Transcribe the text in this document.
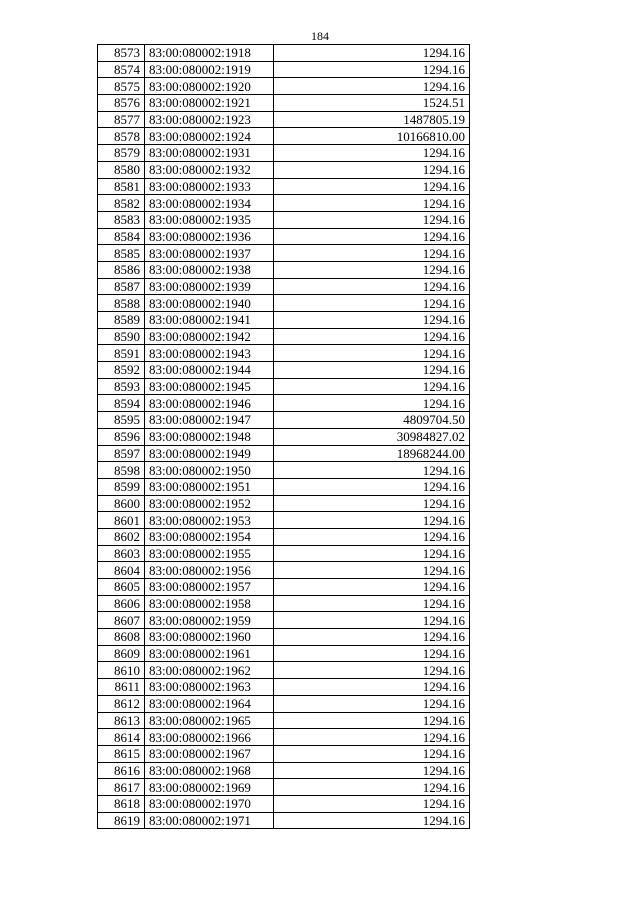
184
8573	83:00:080002:1918	1294.16
8574	83:00:080002:1919	1294.16
8575	83:00:080002:1920	1294.16
8576	83:00:080002:1921	1524.51
8577	83:00:080002:1923	1487805.19
8578	83:00:080002:1924	10166810.00
8579	83:00:080002:1931	1294.16
8580	83:00:080002:1932	1294.16
8581	83:00:080002:1933	1294.16
8582	83:00:080002:1934	1294.16
8583	83:00:080002:1935	1294.16
8584	83:00:080002:1936	1294.16
8585	83:00:080002:1937	1294.16
8586	83:00:080002:1938	1294.16
8587	83:00:080002:1939	1294.16
8588	83:00:080002:1940	1294.16
8589	83:00:080002:1941	1294.16
8590	83:00:080002:1942	1294.16
8591	83:00:080002:1943	1294.16
8592	83:00:080002:1944	1294.16
8593	83:00:080002:1945	1294.16
8594	83:00:080002:1946	1294.16
8595	83:00:080002:1947	4809704.50
8596	83:00:080002:1948	30984827.02
8597	83:00:080002:1949	18968244.00
8598	83:00:080002:1950	1294.16
8599	83:00:080002:1951	1294.16
8600	83:00:080002:1952	1294.16
8601	83:00:080002:1953	1294.16
8602	83:00:080002:1954	1294.16
8603	83:00:080002:1955	1294.16
8604	83:00:080002:1956	1294.16
8605	83:00:080002:1957	1294.16
8606	83:00:080002:1958	1294.16
8607	83:00:080002:1959	1294.16
8608	83:00:080002:1960	1294.16
8609	83:00:080002:1961	1294.16
8610	83:00:080002:1962	1294.16
8611	83:00:080002:1963	1294.16
8612	83:00:080002:1964	1294.16
8613	83:00:080002:1965	1294.16
8614	83:00:080002:1966	1294.16
8615	83:00:080002:1967	1294.16
8616	83:00:080002:1968	1294.16
8617	83:00:080002:1969	1294.16
8618	83:00:080002:1970	1294.16
8619	83:00:080002:1971	1294.16
